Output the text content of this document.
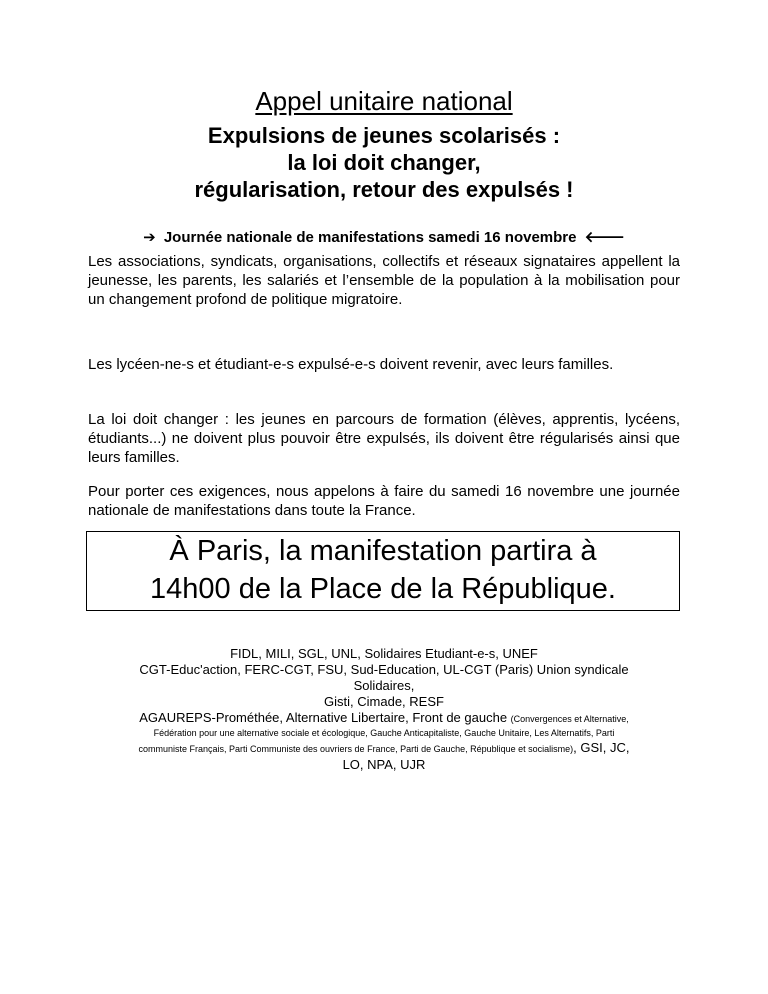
Appel unitaire national
Expulsions de jeunes scolarisés :
la loi doit changer,
régularisation, retour des expulsés !
➔ Journée nationale de manifestations samedi 16 novembre 🡐

Les associations, syndicats, organisations, collectifs et réseaux signataires appellent la jeunesse, les parents, les salariés et l’ensemble de la population à la mobilisation pour un changement profond de politique migratoire.

Les lycéen-ne-s et étudiant-e-s expulsé-e-s doivent revenir, avec leurs familles.

La loi doit changer : les jeunes en parcours de formation (élèves, apprentis, lycéens, étudiants...) ne doivent plus pouvoir être expulsés, ils doivent être régularisés ainsi que leurs familles.

Pour porter ces exigences, nous appelons à faire du samedi 16 novembre une journée nationale de manifestations dans toute la France.

À Paris, la manifestation partira à
14h00 de la Place de la République.
FIDL, MILI, SGL, UNL, Solidaires Etudiant-e-s, UNEF
CGT-Educ'action, FERC-CGT, FSU, Sud-Education, UL-CGT (Paris) Union syndicale
Solidaires,
Gisti, Cimade, RESF
AGAUREPS-Prométhée, Alternative Libertaire, Front de gauche (Convergences et Alternative,
Fédération pour une alternative sociale et écologique, Gauche Anticapitaliste, Gauche Unitaire, Les Alternatifs, Parti
communiste Français, Parti Communiste des ouvriers de France, Parti de Gauche, République et socialisme), GSI, JC,
LO, NPA, UJR
